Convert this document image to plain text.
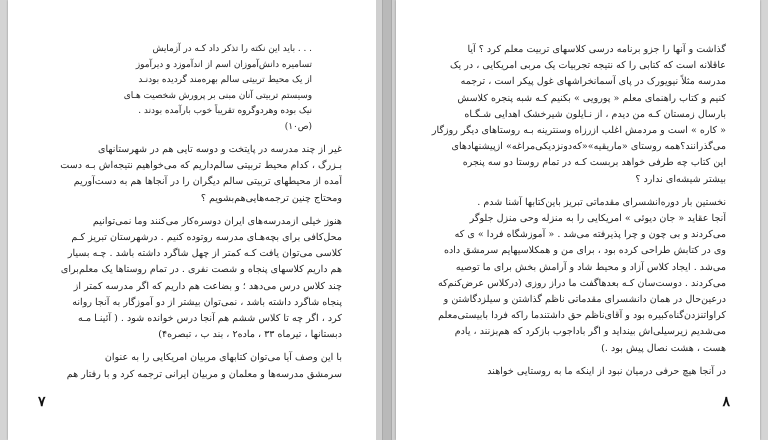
. . . باید این نکته را تذکر داد کـه در آزمایش
تسامیره دانش‌آموزان اسم از اندآموزد و دیرآموز
از یک محیط تربیتی سالم بهره‌مند گردیده بودنـد
وسیستم تربیتی آنان مبنی بر پرورش شخصیت هـای
نیک بوده وهردوگروه تقریباً خوب بارآمده بودند .
(ص۱۰)
غیر از چند مدرسه در پایتخت و دوسه تایی هم در شهرستانهای
بـزرگ ، کدام محیط تربیتی سالم‌داریم که می‌خواهیم نتیجه‌اش بـه دست
آمده از محیطهای تربیتی سالم دیگران را در آنجاها هم به دست‌آوریم
ومحتاج چنین ترجمه‌هایی‌هم‌بشویم ؟
هنوز خیلی ازمدرسه‌های ایران دوسره‌کار می‌کنند وما نمی‌توانیم
محل‌کافی برای بچه‌هـای مدرسه روتوده کنیم . درشهرستان تبریز کـم
کلاسی می‌توان یافت کـه کمتر از چهل شاگرد داشته باشد . چـه بسیار
هم داریم کلاسهای پنجاه و شصت نفری . در تمام روستاها یک معلم‌برای
چند کلاس درس می‌دهد ؛ و بضاعت هم داریم که اگر مدرسه کمتر از
پنجاه شاگرد داشته باشد ، نمی‌توان بیشتر از دو آموزگار به آنجا روانه
کرد ، اگر چه تا کلاس ششم هم آنجا درس خوانده شود . ( آئینـا مـه
دبستانها ، تیرماه ۳۳ ، ماده۲ ، بند ب ، تبصره۴)
با این وصف آیا می‌توان کتابهای مربیان امریکایی را به عنوان
سرمشق مدرسه‌ها و معلمان و مربیان ایرانی ترجمه کرد و با رفتار هم
۷
گذاشت و آنها را جزو برنامه درسی کلاسهای تربیت معلم کرد ؟ آیا
عاقلانه است که کتابی را که نتیجه تجربیات یک مربی امریکایی ، در یک
مدرسه مثلاً نیویورک در پای آسمانخراشهای غول پیکر است ، ترجمه
کنیم و کتاب راهنمای معلم « پورویی » بکنیم کـه شبه پنجره کلاسش
بارسال زمستان کـه من دیدم ، از نـایلون شیرخشک اهدایی شـگـاه
« کاره » است و مردمش اغلب ازرزاه وسنترینه بـه روستاهای دیگر روزگار
می‌گذرانند؟همه روستای «ماریقیه»«که‌دونزدیکی‌مراغه» ازپیشنهادهای
این کتاب چه طرفی خواهد بربست کـه در تمام روستا دو سه پنجره
بیشتر شیشه‌ای ندارد ؟
نخستین بار دوره‌انشسرای مقدماتی تبریز باین‌کتابها آشنا شدم .
آنجا عقاید « جان دیوئی » امریکایی را به منزله وحی منزل جلوگر
می‌کردند و بی چون و چرا پذیرفته می‌شد . « آموزشگاه فردا » ی که
وی در کتابش طراحی کرده بود ، برای من و همکلاسیهایم سرمشق داده
می‌شد . ایجاد کلاس آزاد و محیط شاد و آرامش بخش برای ما توصیه
می‌کردند . دوست‌سان کـه بعدها‌گفت ما دراز روزی (درکلاس عرض‌کنم‌که
درعین‌حال در همان دانشسرای مقدماتی ناظم گذاشتن و سیلزدگاشتن و
کراواتنزدن‌گناه‌کبیره‌ بود‌ و‌ آقای‌ناظم ‌حق‌ داشتند‌ما ‌را‌که ‌فردا‌ با‌بیستی‌معلم
می‌شدیم‌ زیرسیلی‌اش‌‌ بینداید و اگر باداجوب بازکرد که هم‌بزنند ، یادم
هست ، هشت نصال پیش بود .)
در آنجا هیچ حرفی درمیان نبود از اینکه ما به روستایی خواهند
۸
